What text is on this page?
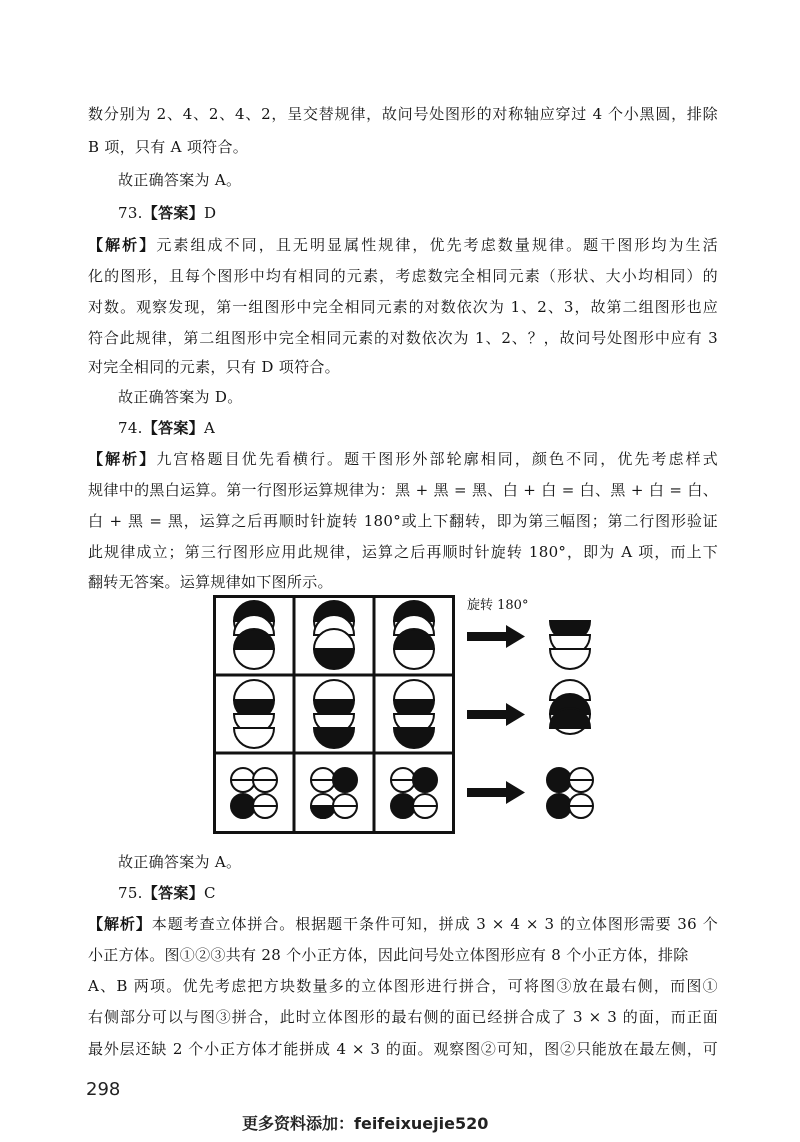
数分别为 2、4、2、4、2，呈交替规律，故问号处图形的对称轴应穿过 4 个小黑圆，排除
B 项，只有 A 项符合。
故正确答案为 A。
73.【答案】D
【解析】元素组成不同，且无明显属性规律，优先考虑数量规律。题干图形均为生活
化的图形，且每个图形中均有相同的元素，考虑数完全相同元素（形状、大小均相同）的
对数。观察发现，第一组图形中完全相同元素的对数依次为 1、2、3，故第二组图形也应
符合此规律，第二组图形中完全相同元素的对数依次为 1、2、？，故问号处图形中应有 3
对完全相同的元素，只有 D 项符合。
故正确答案为 D。
74.【答案】A
【解析】九宫格题目优先看横行。题干图形外部轮廓相同，颜色不同，优先考虑样式
规律中的黑白运算。第一行图形运算规律为：黑 + 黑 = 黑、白 + 白 = 白、黑 + 白 = 白、
白 + 黑 = 黑，运算之后再顺时针旋转 180°或上下翻转，即为第三幅图；第二行图形验证
此规律成立；第三行图形应用此规律，运算之后再顺时针旋转 180°，即为 A 项，而上下
翻转无答案。运算规律如下图所示。
旋转 180°
故正确答案为 A。
75.【答案】C
【解析】本题考查立体拼合。根据题干条件可知，拼成 3 × 4 × 3 的立体图形需要 36 个
小正方体。图①②③共有 28 个小正方体，因此问号处立体图形应有 8 个小正方体，排除
A、B 两项。优先考虑把方块数量多的立体图形进行拼合，可将图③放在最右侧，而图①
右侧部分可以与图③拼合，此时立体图形的最右侧的面已经拼合成了 3 × 3 的面，而正面
最外层还缺 2 个小正方体才能拼成 4 × 3 的面。观察图②可知，图②只能放在最左侧，可
298
更多资料添加：feifeixuejie520
